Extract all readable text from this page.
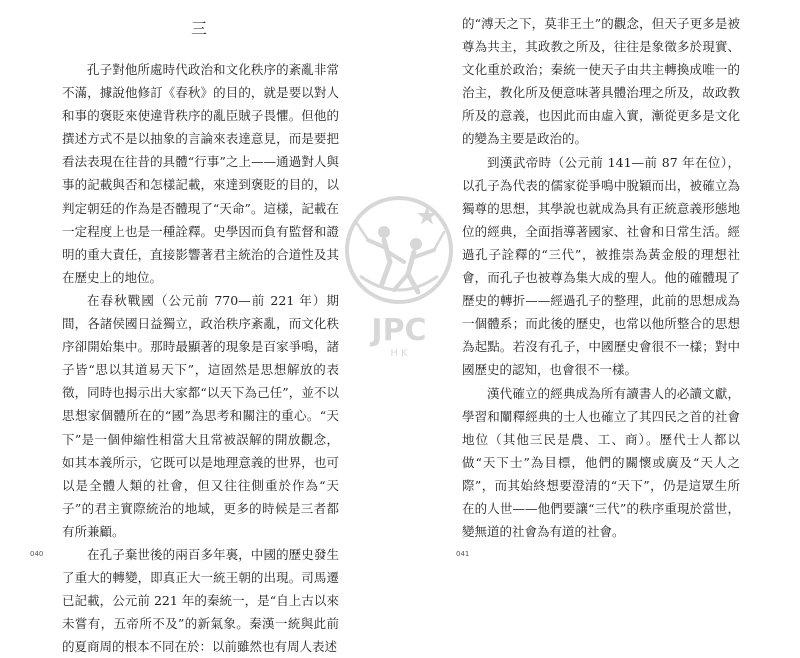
三

孔子對他所處時代政治和文化秩序的紊亂非常不滿，據說他修訂《春秋》的目的，就是要以對人和事的褒貶來使違背秩序的亂臣賊子畏懼。但他的撰述方式不是以抽象的言論來表達意見，而是要把看法表現在往昔的具體“行事”之上——通過對人與事的記載與否和怎樣記載，來達到褒貶的目的，以判定朝廷的作為是否體現了“天命”。這樣，記載在一定程度上也是一種詮釋。史學因而負有監督和證明的重大責任，直接影響著君主統治的合道性及其在歷史上的地位。

在春秋戰國（公元前 770—前 221 年）期間，各諸侯國日益獨立，政治秩序紊亂，而文化秩序卻開始集中。那時最顯著的現象是百家爭鳴，諸子皆“思以其道易天下”，這固然是思想解放的表徵，同時也揭示出大家都“以天下為己任”，並不以思想家個體所在的“國”為思考和關注的重心。“天下”是一個伸縮性相當大且常被誤解的開放觀念，如其本義所示，它既可以是地理意義的世界，也可以是全體人類的社會，但又往往側重於作為“天子”的君主實際統治的地域，更多的時候是三者都有所兼顧。

在孔子棄世後的兩百多年裏，中國的歷史發生了重大的轉變，即真正大一統王朝的出現。司馬遷已記載，公元前 221 年的秦統一，是“自上古以來未嘗有，五帝所不及”的新氣象。秦漢一統與此前的夏商周的根本不同在於：以前雖然也有周人表述

040

的“溥天之下，莫非王土”的觀念，但天子更多是被尊為共主，其政教之所及，往往是象徵多於現實、文化重於政治；秦統一使天子由共主轉換成唯一的治主，教化所及便意味著具體治理之所及，故政教所及的意義，也因此而由虛入實，漸從更多是文化的變為主要是政治的。

到漢武帝時（公元前 141—前 87 年在位），以孔子為代表的儒家從爭鳴中脫穎而出，被確立為獨尊的思想，其學說也就成為具有正統意義形態地位的經典，全面指導著國家、社會和日常生活。經過孔子詮釋的“三代”，被推崇為黃金般的理想社會，而孔子也被尊為集大成的聖人。他的確體現了歷史的轉折——經過孔子的整理，此前的思想成為一個體系；而此後的歷史，也常以他所整合的思想為起點。若沒有孔子，中國歷史會很不一樣；對中國歷史的認知，也會很不一樣。

漢代確立的經典成為所有讀書人的必讀文獻，學習和闡釋經典的士人也確立了其四民之首的社會地位（其他三民是農、工、商）。歷代士人都以做“天下士”為目標，他們的關懷或廣及“天人之際”，而其始終想要澄清的“天下”，仍是這眾生所在的人世——他們要讓“三代”的秩序重現於當世，變無道的社會為有道的社會。

041
JPC
H K
